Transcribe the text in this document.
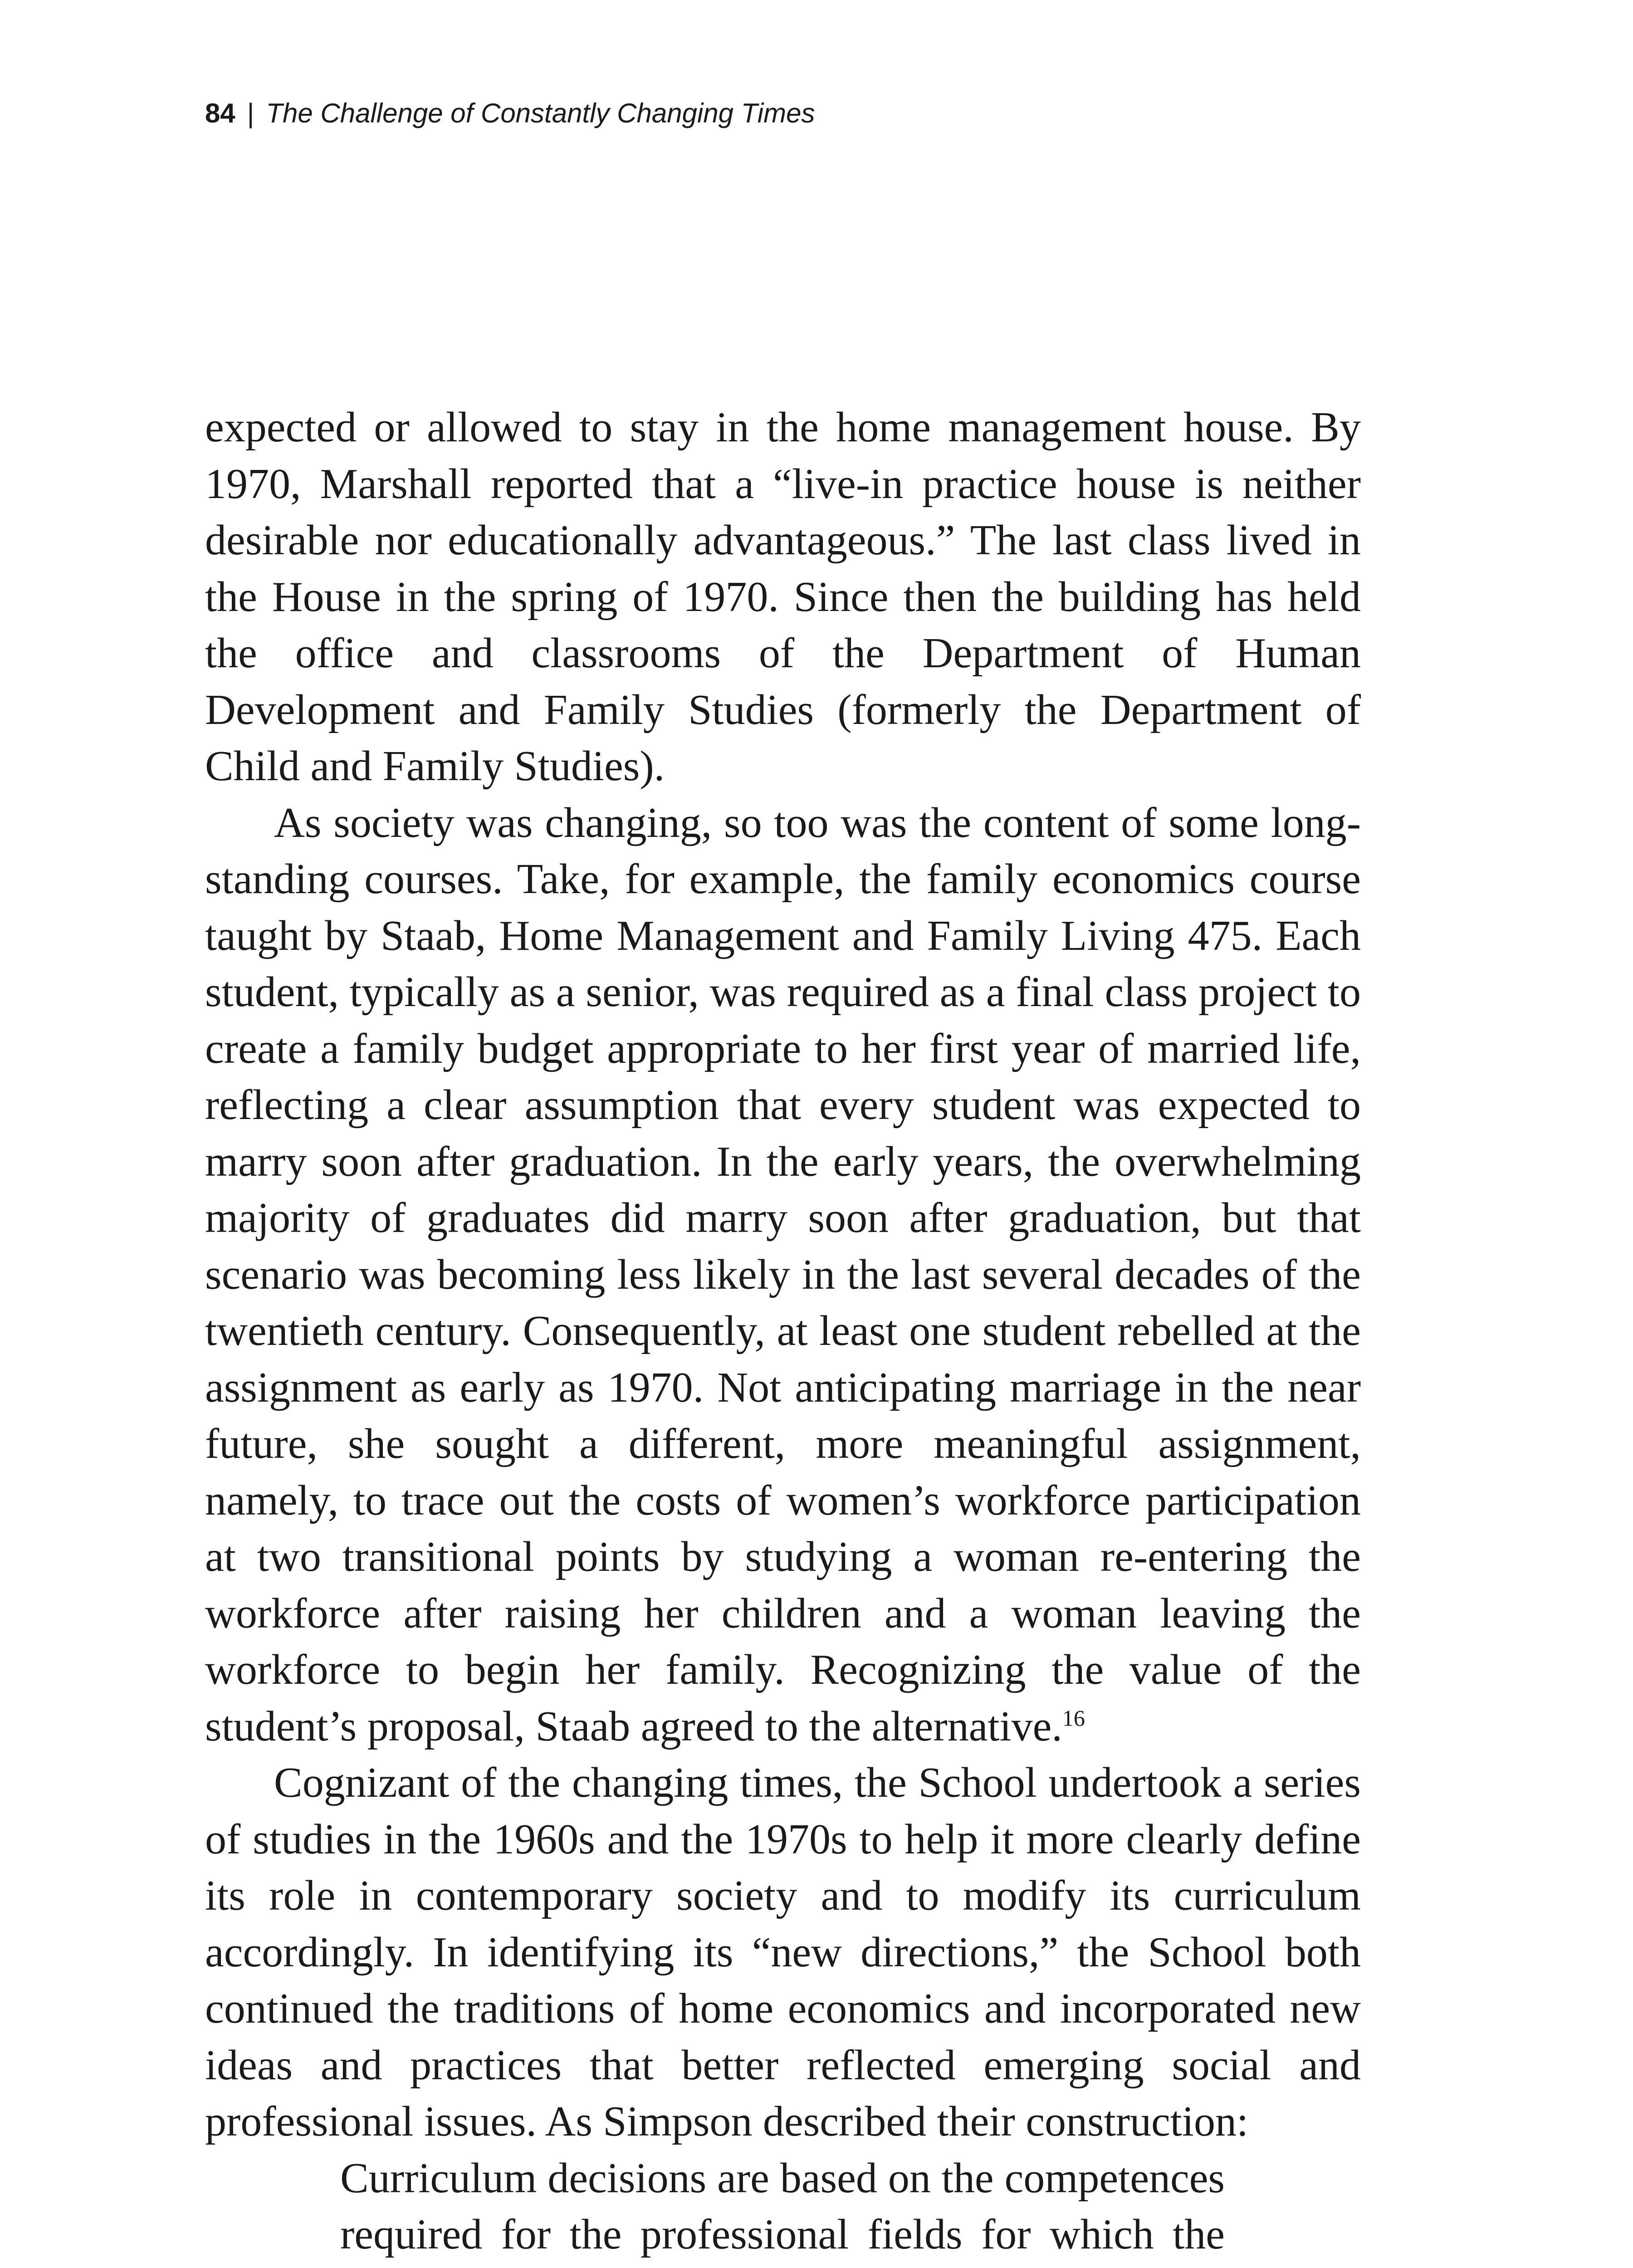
84 | The Challenge of Constantly Changing Times

expected or allowed to stay in the home management house. By 1970, Marshall reported that a “live-in practice house is neither desirable nor educationally advantageous.” The last class lived in the House in the spring of 1970. Since then the building has held the office and classrooms of the Department of Human Development and Family Studies (formerly the Department of Child and Family Studies).

As society was changing, so too was the content of some long-standing courses. Take, for example, the family economics course taught by Staab, Home Management and Family Living 475. Each student, typically as a senior, was required as a final class project to create a family budget appropriate to her first year of married life, reflecting a clear assumption that every student was expected to marry soon after graduation. In the early years, the overwhelming majority of graduates did marry soon after graduation, but that scenario was becoming less likely in the last several decades of the twentieth century. Consequently, at least one student rebelled at the assignment as early as 1970. Not anticipating marriage in the near future, she sought a different, more meaningful assignment, namely, to trace out the costs of women’s workforce participation at two transitional points by studying a woman re-entering the workforce after raising her children and a woman leaving the workforce to begin her family. Recognizing the value of the student’s proposal, Staab agreed to the alternative.$^{16}$

Cognizant of the changing times, the School undertook a series of studies in the 1960s and the 1970s to help it more clearly define its role in contemporary society and to modify its curriculum accordingly. In identifying its “new directions,” the School both continued the traditions of home economics and incorporated new ideas and practices that better reflected emerging social and professional issues. As Simpson described their construction:

Curriculum decisions are based on the competences required for the professional fields for which the
